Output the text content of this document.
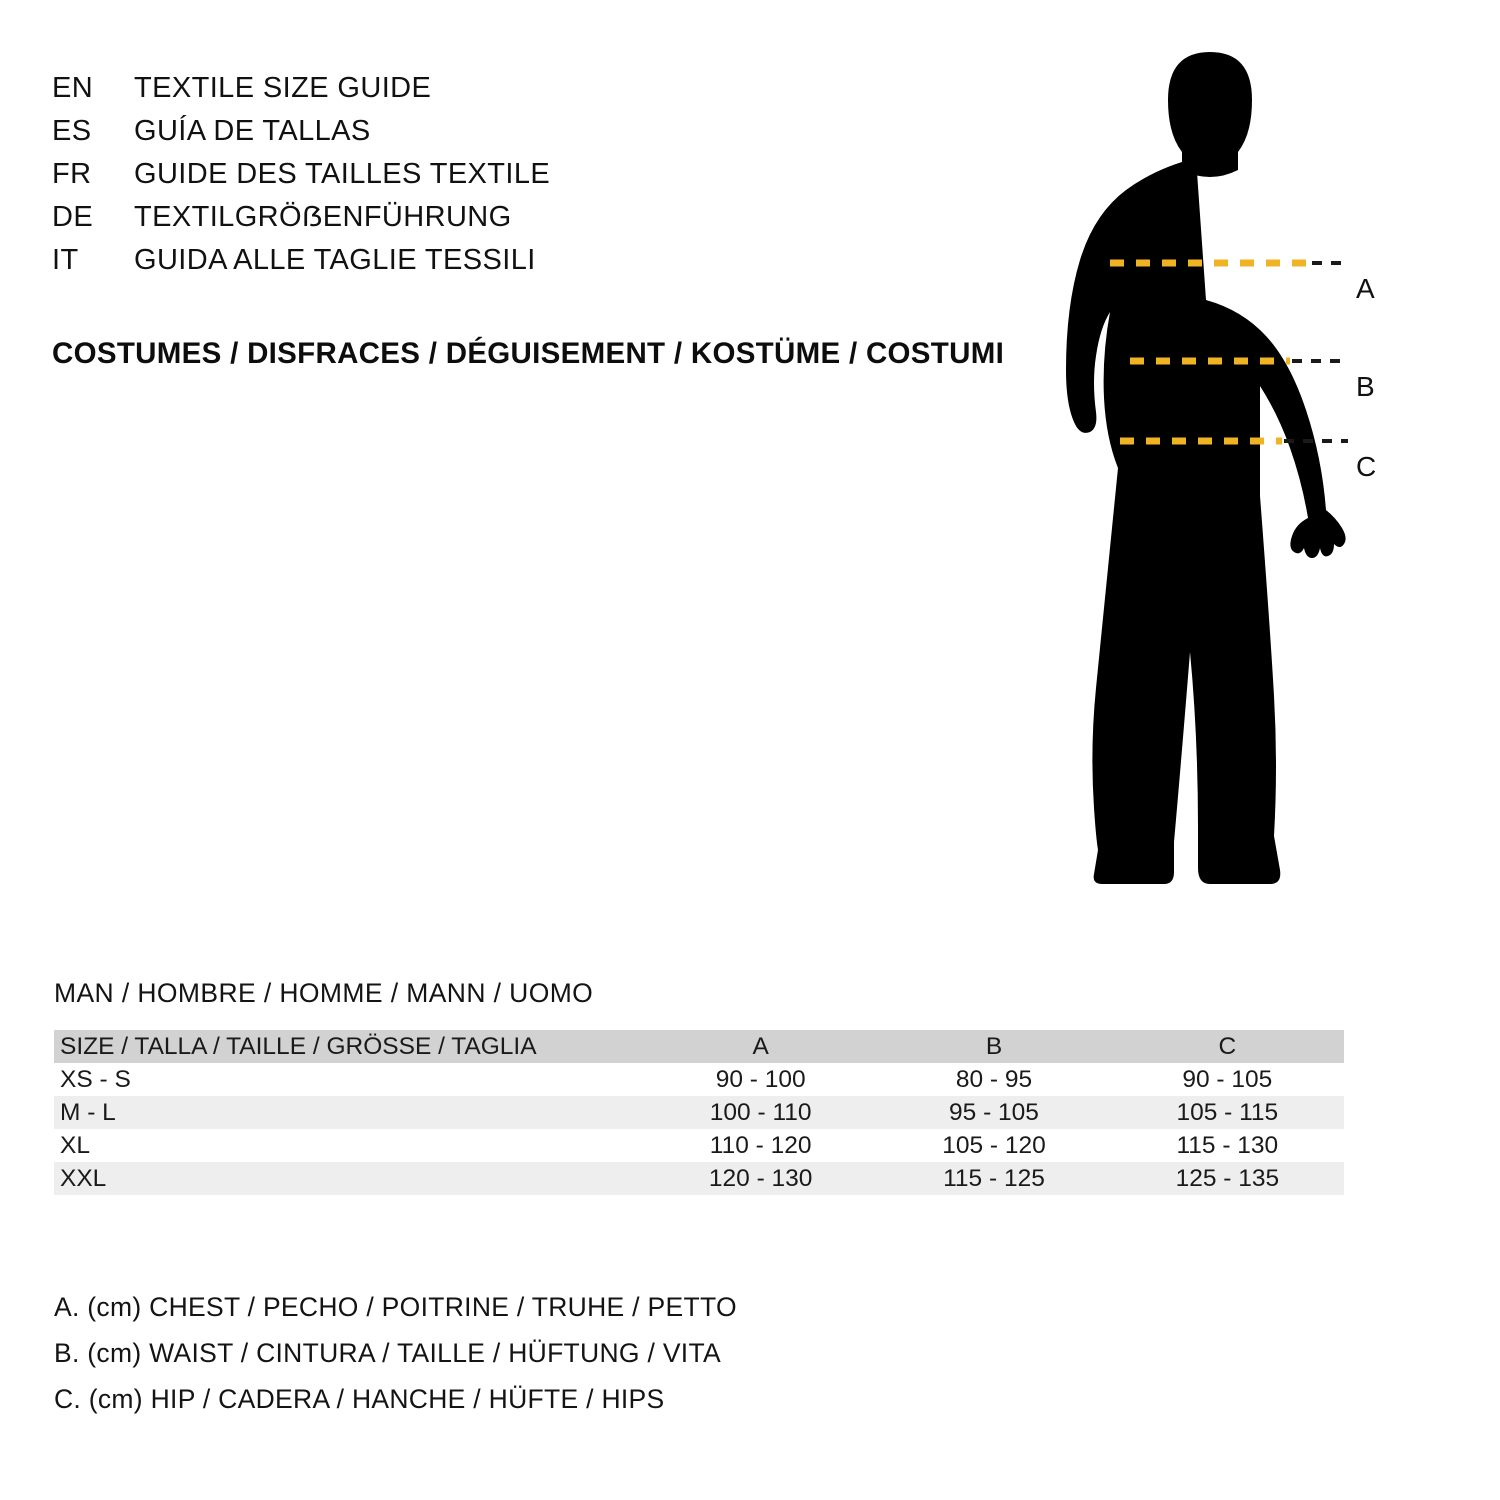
EN	TEXTILE SIZE GUIDE
ES	GUÍA DE TALLAS
FR	GUIDE DES TAILLES TEXTILE
DE	TEXTILGRÖẞENFÜHRUNG
IT	GUIDA ALLE TAGLIE TESSILI
COSTUMES / DISFRACES / DÉGUISEMENT / KOSTÜME / COSTUMI
A
B
C
MAN / HOMBRE / HOMME / MANN / UOMO
SIZE / TALLA / TAILLE / GRÖSSE / TAGLIA	A	B	C
XS - S	90 - 100	80 - 95	90 - 105
M - L	100 - 110	95 - 105	105 - 115
XL	110 - 120	105 - 120	115 - 130
XXL	120 - 130	115 - 125	125 - 135
A. (cm) CHEST / PECHO / POITRINE / TRUHE / PETTO
B. (cm) WAIST / CINTURA / TAILLE / HÜFTUNG / VITA
C. (cm) HIP / CADERA / HANCHE / HÜFTE / HIPS
